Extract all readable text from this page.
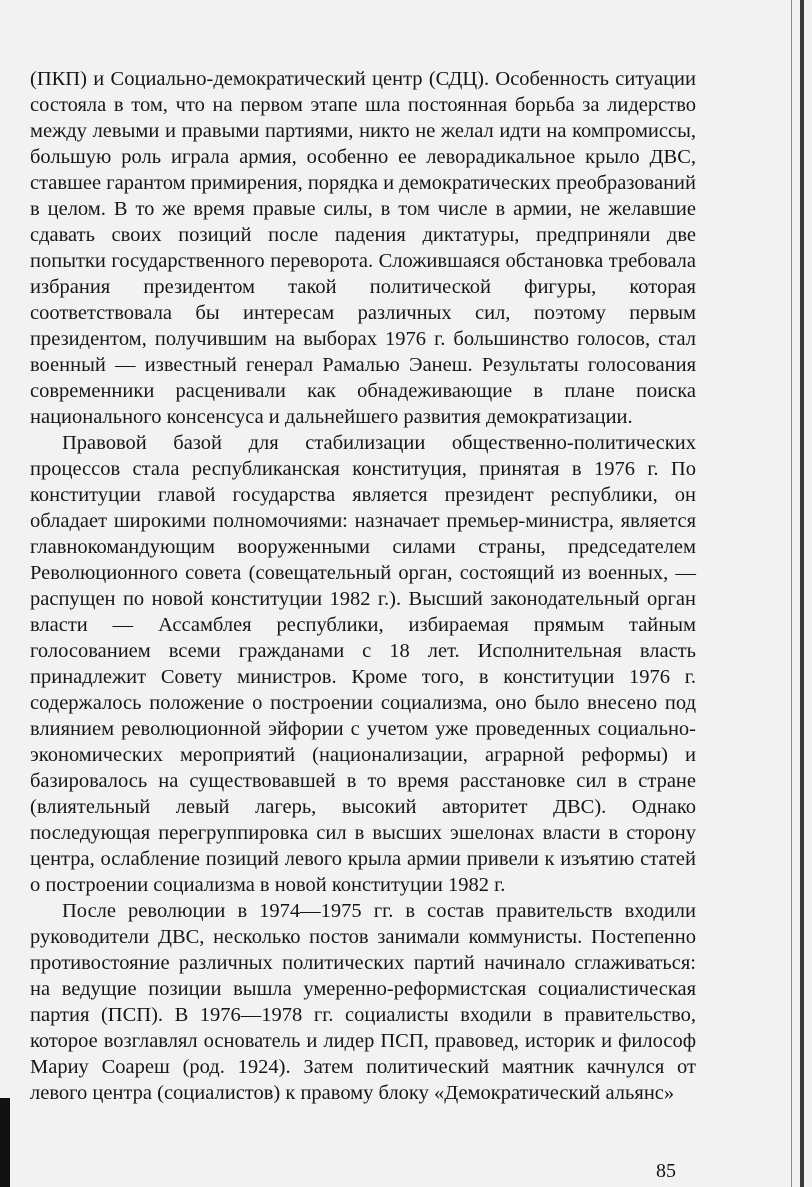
(ПКП) и Социально-демократический центр (СДЦ). Особенность ситуации состояла в том, что на первом этапе шла постоянная борьба за лидерство между левыми и правыми партиями, никто не желал идти на компромиссы, большую роль играла армия, особенно ее леворадикальное крыло ДВС, ставшее гарантом примирения, порядка и демократических преобразований в целом. В то же время правые силы, в том числе в армии, не желавшие сдавать своих позиций после падения диктатуры, предприняли две попытки государственного переворота. Сложившаяся обстановка требовала избрания президентом такой политической фигуры, которая соответствовала бы интересам различных сил, поэтому первым президентом, получившим на выборах 1976 г. большинство голосов, стал военный — известный генерал Рамалью Эанеш. Результаты голосования современники расценивали как обнадеживающие в плане поиска национального консенсуса и дальнейшего развития демократизации.

Правовой базой для стабилизации общественно-политических процессов стала республиканская конституция, принятая в 1976 г. По конституции главой государства является президент республики, он обладает широкими полномочиями: назначает премьер-министра, является главнокомандующим вооруженными силами страны, председателем Революционного совета (совещательный орган, состоящий из военных, — распущен по новой конституции 1982 г.). Высший законодательный орган власти — Ассамблея республики, избираемая прямым тайным голосованием всеми гражданами с 18 лет. Исполнительная власть принадлежит Совету министров. Кроме того, в конституции 1976 г. содержалось положение о построении социализма, оно было внесено под влиянием революционной эйфории с учетом уже проведенных социально-экономических мероприятий (национализации, аграрной реформы) и базировалось на существовавшей в то время расстановке сил в стране (влиятельный левый лагерь, высокий авторитет ДВС). Однако последующая перегруппировка сил в высших эшелонах власти в сторону центра, ослабление позиций левого крыла армии привели к изъятию статей о построении социализма в новой конституции 1982 г.

После революции в 1974—1975 гг. в состав правительств входили руководители ДВС, несколько постов занимали коммунисты. Постепенно противостояние различных политических партий начинало сглаживаться: на ведущие позиции вышла умеренно-реформистская социалистическая партия (ПСП). В 1976—1978 гг. социалисты входили в правительство, которое возглавлял основатель и лидер ПСП, правовед, историк и философ Мариу Соареш (род. 1924). Затем политический маятник качнулся от левого центра (социалистов) к правому блоку «Демократический альянс»

85
